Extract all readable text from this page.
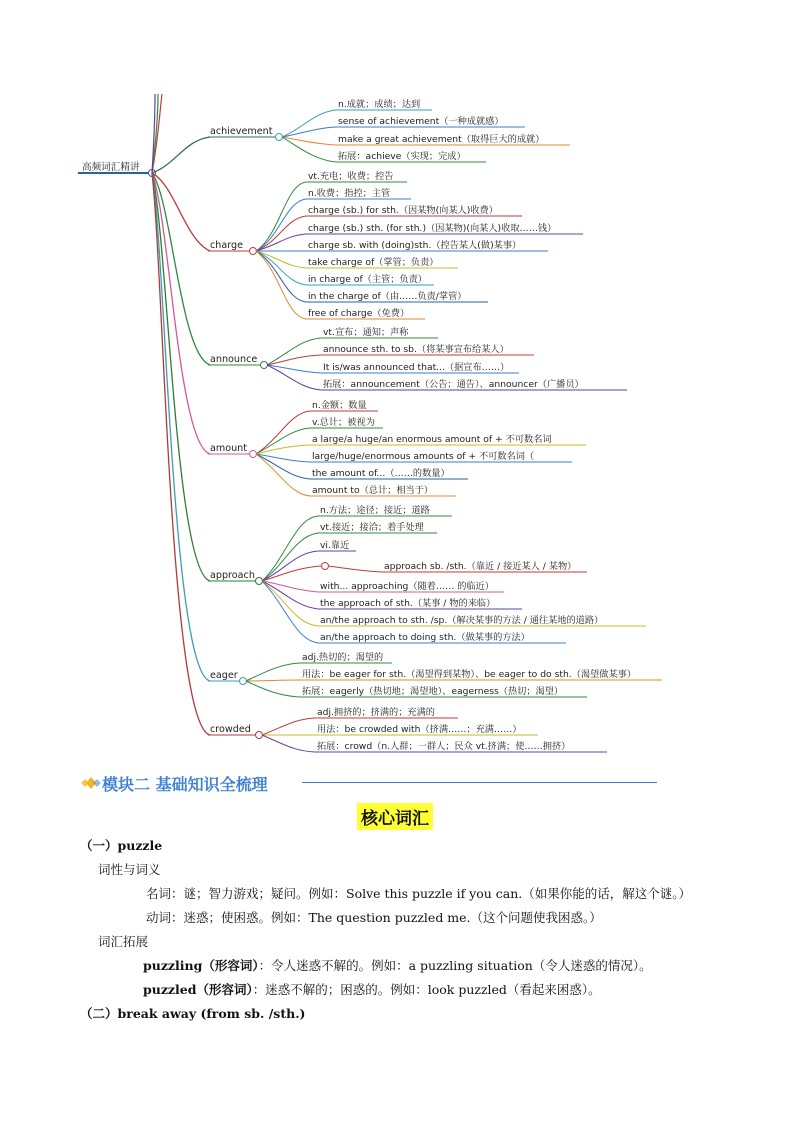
高频词汇精讲
achievement
n.成就；成绩；达到
sense of achievement（一种成就感）
make a great achievement（取得巨大的成就）
拓展：achieve（实现；完成）
charge
vt.充电；收费；控告
n.收费；指控；主管
charge (sb.) for sth.（因某物(向某人)收费）
charge (sb.) sth. (for sth.)（因某物)(向某人)收取……钱）
charge sb. with (doing)sth.（控告某人(做)某事）
take charge of（掌管；负责）
in charge of（主管；负责）
in the charge of（由……负责/掌管）
free of charge（免费）
announce
vt.宣布；通知；声称
announce sth. to sb.（将某事宣布给某人）
It is/was announced that...（据宣布……）
拓展：announcement（公告；通告）、announcer（广播员）
amount
n.金额；数量
v.总计；被视为
a large/a huge/an enormous amount of + 不可数名词
large/huge/enormous amounts of + 不可数名词（
the amount of...（……的数量）
amount to（总计；相当于）
approach
n.方法；途径；接近；道路
vt.接近；接洽；着手处理
vi.靠近
approach sb. /sth.（靠近 / 接近某人 / 某物）
with... approaching（随着…… 的临近）
the approach of sth.（某事 / 物的来临）
an/the approach to sth. /sp.（解决某事的方法 / 通往某地的道路）
an/the approach to doing sth.（做某事的方法）
eager
adj.热切的；渴望的
用法：be eager for sth.（渴望得到某物）、be eager to do sth.（渴望做某事）
拓展：eagerly（热切地；渴望地）、eagerness（热切；渴望）
crowded
adj.拥挤的；挤满的；充满的
用法：be crowded with（挤满……；充满……）
拓展：crowd（n.人群；一群人；民众 vt.挤满；使……拥挤）
模块二 基础知识全梳理
核心词汇
（一）puzzle
词性与词义
名词：谜；智力游戏；疑问。例如：Solve this puzzle if you can.（如果你能的话，解这个谜。）
动词：迷惑；使困惑。例如：The question puzzled me.（这个问题使我困惑。）
词汇拓展
puzzling（形容词）：令人迷惑不解的。例如：a puzzling situation（令人迷惑的情况）。
puzzled（形容词）：迷惑不解的；困惑的。例如：look puzzled（看起来困惑）。
（二）break away (from sb. /sth.)
